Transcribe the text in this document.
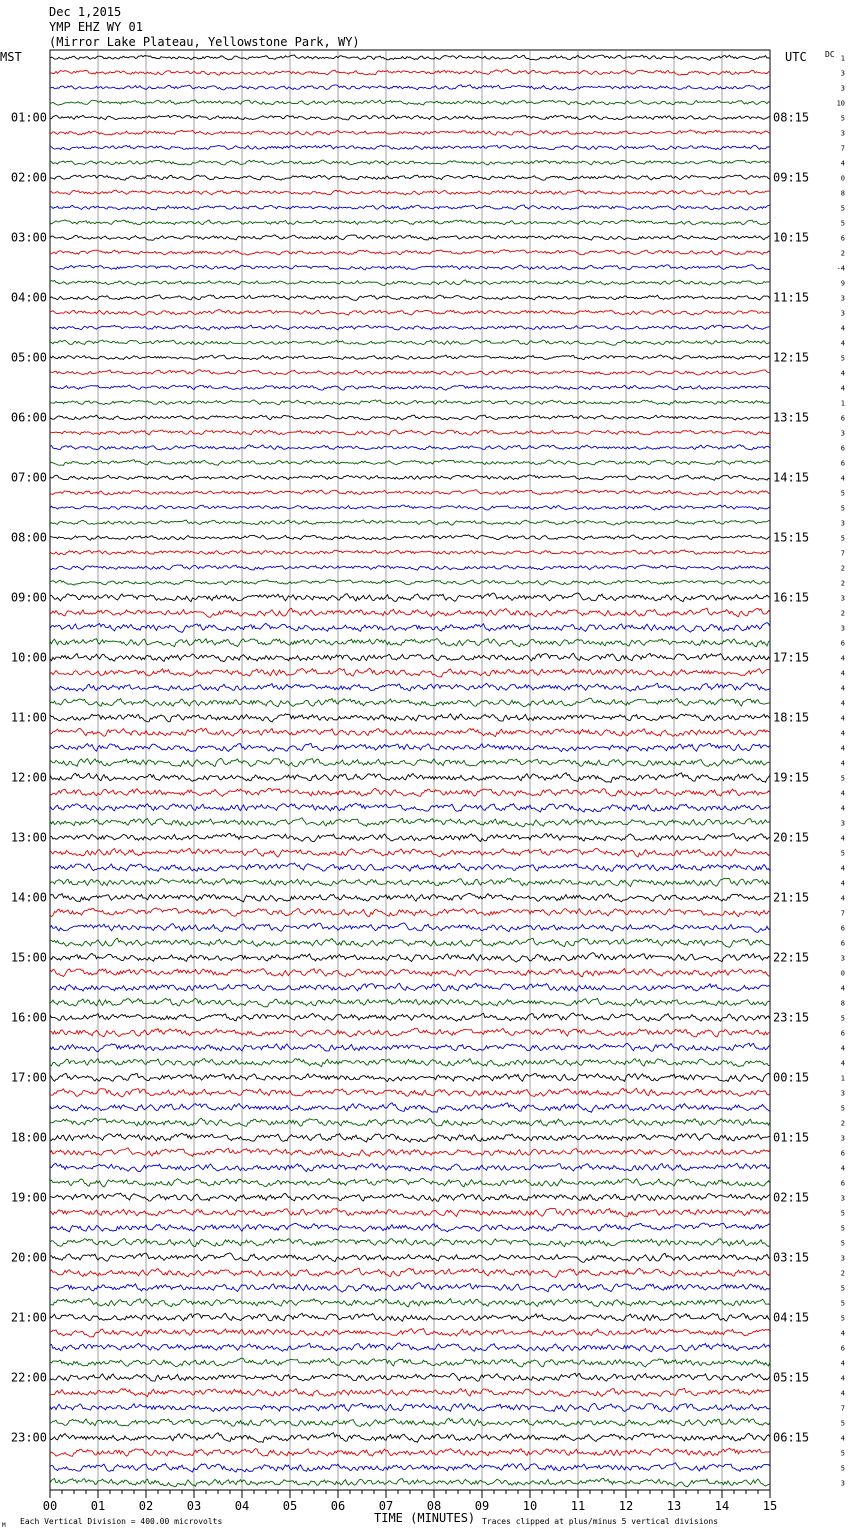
Dec 1,2015
YMP EHZ WY 01
(Mirror Lake Plateau, Yellowstone Park, WY)
MST	UTC DC
01:00
02:00
03:00
04:00
05:00
06:00
07:00
08:00
09:00
10:00
11:00
12:00
13:00
14:00
15:00
16:00
17:00
18:00
19:00
20:00
21:00
22:00
23:00
08:15
09:15
10:15
11:15
12:15
13:15
14:15
15:15
16:15
17:15
18:15
19:15
20:15
21:15
22:15
23:15
00:15
01:15
02:15
03:15
04:15
05:15
06:15
1
3
3
10
5
3
7
4
0
8
5
5
6
2
-4
9
3
3
4
4
5
4
4
1
6
3
6
6
4
5
5
3
5
7
2
2
3
2
3
6
4
4
4
4
4
4
4
4
5
4
4
3
4
5
4
4
4
7
6
6
3
0
4
8
5
6
4
4
1
3
5
2
3
6
4
6
3
5
5
5
3
2
5
5
5
4
6
4
4
4
7
5
4
5
5
3
00	01	02	03	04	05	06	07	08	09	10	11	12	13	14	15
TIME (MINUTES)
Each Vertical Division = 400.00 microvolts	Traces clipped at plus/minus 5 vertical divisions
M
